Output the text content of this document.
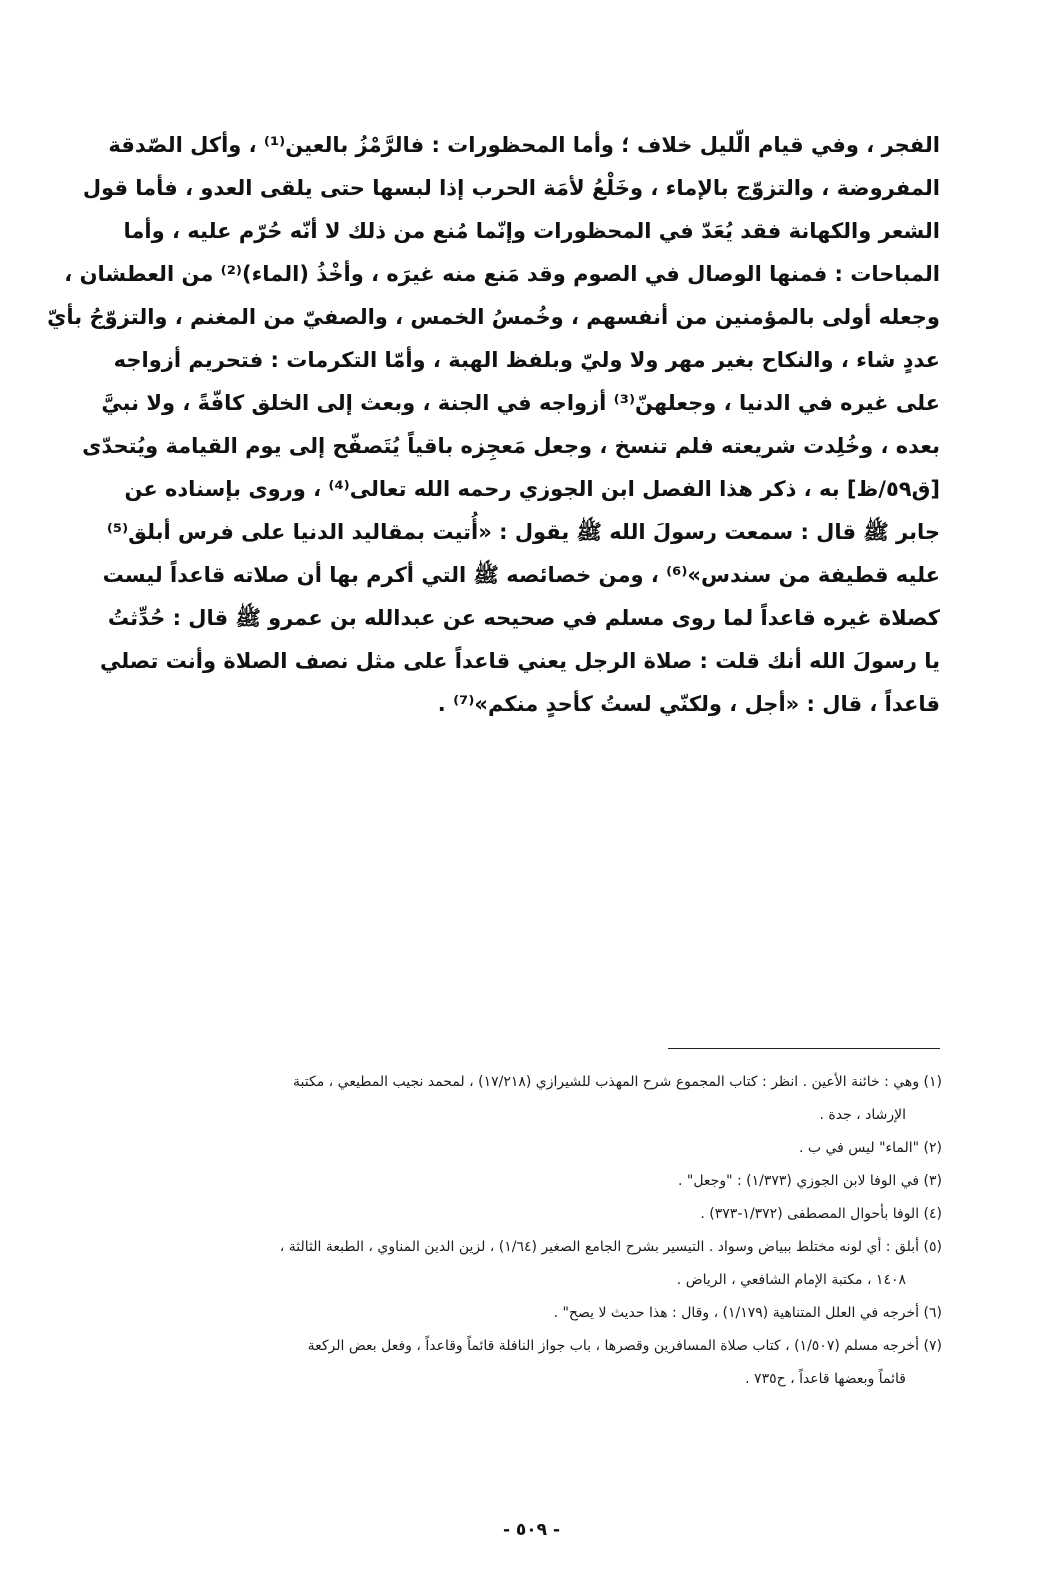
الفجر ، وفي قيام الّليل خلاف ؛ وأما المحظورات : فالرَّمْزُ بالعين⁽¹⁾ ، وأكل الصّدقة
المفروضة ، والتزوّج بالإماء ، وخَلْعُ لأمَة الحرب إذا لبسها حتى يلقى العدو ، فأما قول
الشعر والكهانة فقد يُعَدّ في المحظورات وإنّما مُنع من ذلك لا أنّه حُرّم عليه ، وأما
المباحات : فمنها الوصال في الصوم وقد مَنع منه غيرَه ، وأخْذُ (الماء)⁽²⁾ من العطشان ،
وجعله أولى بالمؤمنين من أنفسهم ، وخُمسُ الخمس ، والصفيّ من المغنم ، والتزوّجُ بأيّ
عددٍ شاء ، والنكاح بغير مهر ولا وليّ وبلفظ الهبة ، وأمّا التكرمات : فتحريم أزواجه
على غيره في الدنيا ، وجعلهنّ⁽³⁾ أزواجه في الجنة ، وبعث إلى الخلق كافّةً ، ولا نبيَّ
بعده ، وخُلِدت شريعته فلم تنسخ ، وجعل مَعجِزه باقياً يُتَصفّح إلى يوم القيامة ويُتحدّى
[ق٥٩/ظ] به ، ذكر هذا الفصل ابن الجوزي رحمه الله تعالى⁽⁴⁾ ، وروى بإسناده عن
جابر ﷺ قال : سمعت رسولَ الله ﷺ يقول : «أُتيت بمقاليد الدنيا على فرس أبلق⁽⁵⁾
عليه قطيفة من سندس»⁽⁶⁾ ، ومن خصائصه ﷺ التي أكرم بها أن صلاته قاعداً ليست
كصلاة غيره قاعداً لما روى مسلم في صحيحه عن عبدالله بن عمرو ﷺ قال : حُدِّثتُ
يا رسولَ الله أنك قلت : صلاة الرجل يعني قاعداً على مثل نصف الصلاة وأنت تصلي
قاعداً ، قال : «أجل ، ولكنّي لستُ كأحدٍ منكم»⁽⁷⁾ .
(١) وهي : خائنة الأعين . انظر : كتاب المجموع شرح المهذب للشيرازي (١٧/٢١٨) ، لمحمد نجيب المطيعي ، مكتبة
الإرشاد ، جدة .
(٢) "الماء" ليس في ب .
(٣) في الوفا لابن الجوزي (١/٣٧٣) : "وجعل" .
(٤) الوفا بأحوال المصطفى (١/٣٧٢-٣٧٣) .
(٥) أبلق : أي لونه مختلط ببياض وسواد . التيسير بشرح الجامع الصغير (١/٦٤) ، لزين الدين المناوي ، الطبعة الثالثة ،
١٤٠٨ ، مكتبة الإمام الشافعي ، الرياض .
(٦) أخرجه في العلل المتناهية (١/١٧٩) ، وقال : هذا حديث لا يصح" .
(٧) أخرجه مسلم (١/٥٠٧) ، كتاب صلاة المسافرين وقصرها ، باب جواز النافلة قائماً وقاعداً ، وفعل بعض الركعة
قائماً وبعضها قاعداً ، ح٧٣٥ .
- ٥٠٩ -
